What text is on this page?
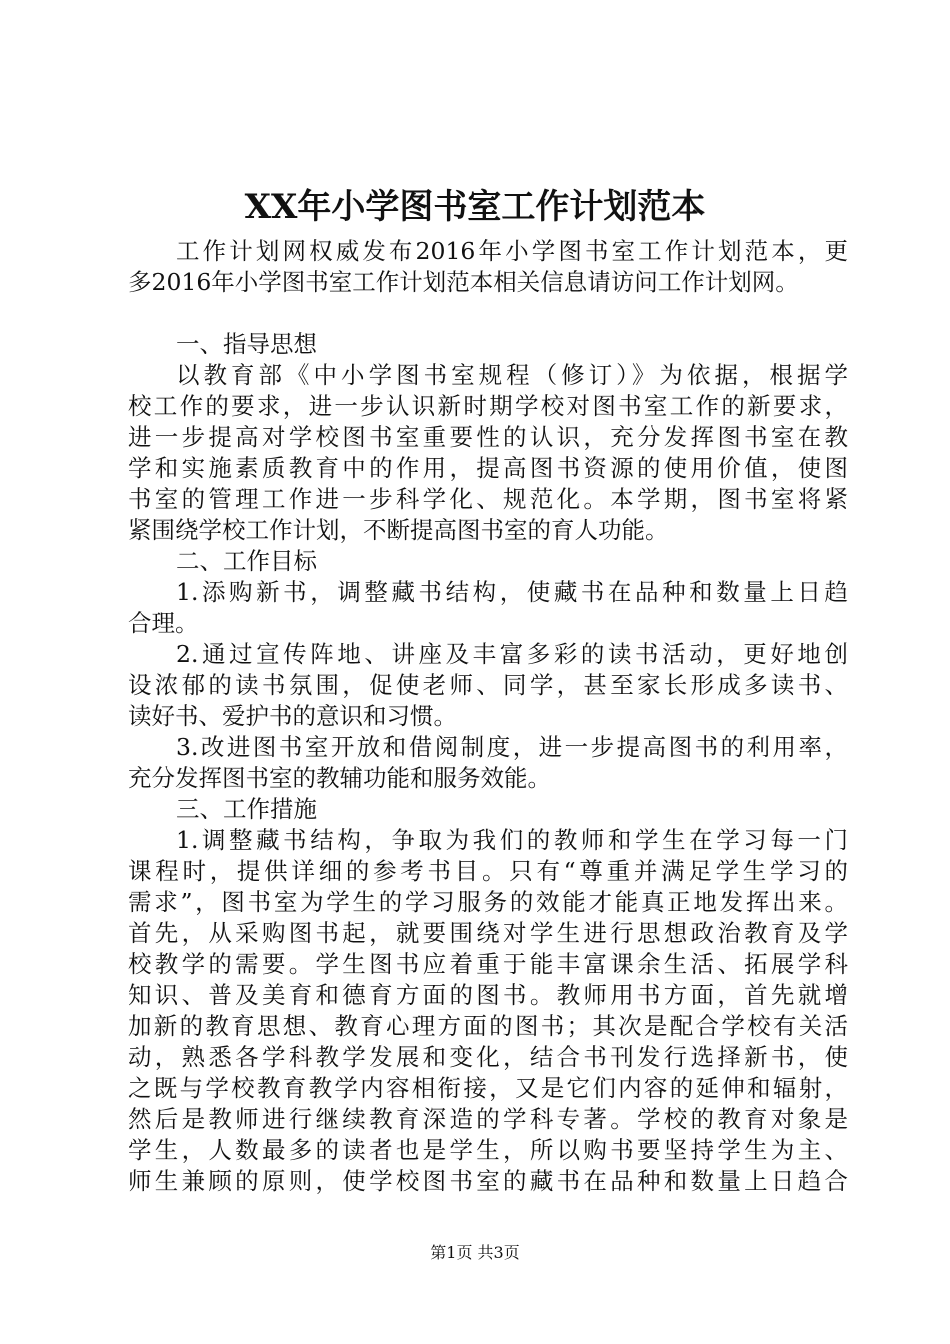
XX年小学图书室工作计划范本
工作计划网权威发布2016年小学图书室工作计划范本，更
多2016年小学图书室工作计划范本相关信息请访问工作计划网。
一、指导思想
以教育部《中小学图书室规程（修订）》为依据，根据学
校工作的要求，进一步认识新时期学校对图书室工作的新要求，
进一步提高对学校图书室重要性的认识，充分发挥图书室在教
学和实施素质教育中的作用，提高图书资源的使用价值，使图
书室的管理工作进一步科学化、规范化。本学期，图书室将紧
紧围绕学校工作计划，不断提高图书室的育人功能。
二、工作目标
1.添购新书，调整藏书结构，使藏书在品种和数量上日趋
合理。
2.通过宣传阵地、讲座及丰富多彩的读书活动，更好地创
设浓郁的读书氛围，促使老师、同学，甚至家长形成多读书、
读好书、爱护书的意识和习惯。
3.改进图书室开放和借阅制度，进一步提高图书的利用率，
充分发挥图书室的教辅功能和服务效能。
三、工作措施
1.调整藏书结构，争取为我们的教师和学生在学习每一门
课程时，提供详细的参考书目。只有“尊重并满足学生学习的
需求”，图书室为学生的学习服务的效能才能真正地发挥出来。
首先，从采购图书起，就要围绕对学生进行思想政治教育及学
校教学的需要。学生图书应着重于能丰富课余生活、拓展学科
知识、普及美育和德育方面的图书。教师用书方面，首先就增
加新的教育思想、教育心理方面的图书；其次是配合学校有关活
动，熟悉各学科教学发展和变化，结合书刊发行选择新书，使
之既与学校教育教学内容相衔接，又是它们内容的延伸和辐射，
然后是教师进行继续教育深造的学科专著。学校的教育对象是
学生，人数最多的读者也是学生，所以购书要坚持学生为主、
师生兼顾的原则，使学校图书室的藏书在品种和数量上日趋合
第1页 共3页
